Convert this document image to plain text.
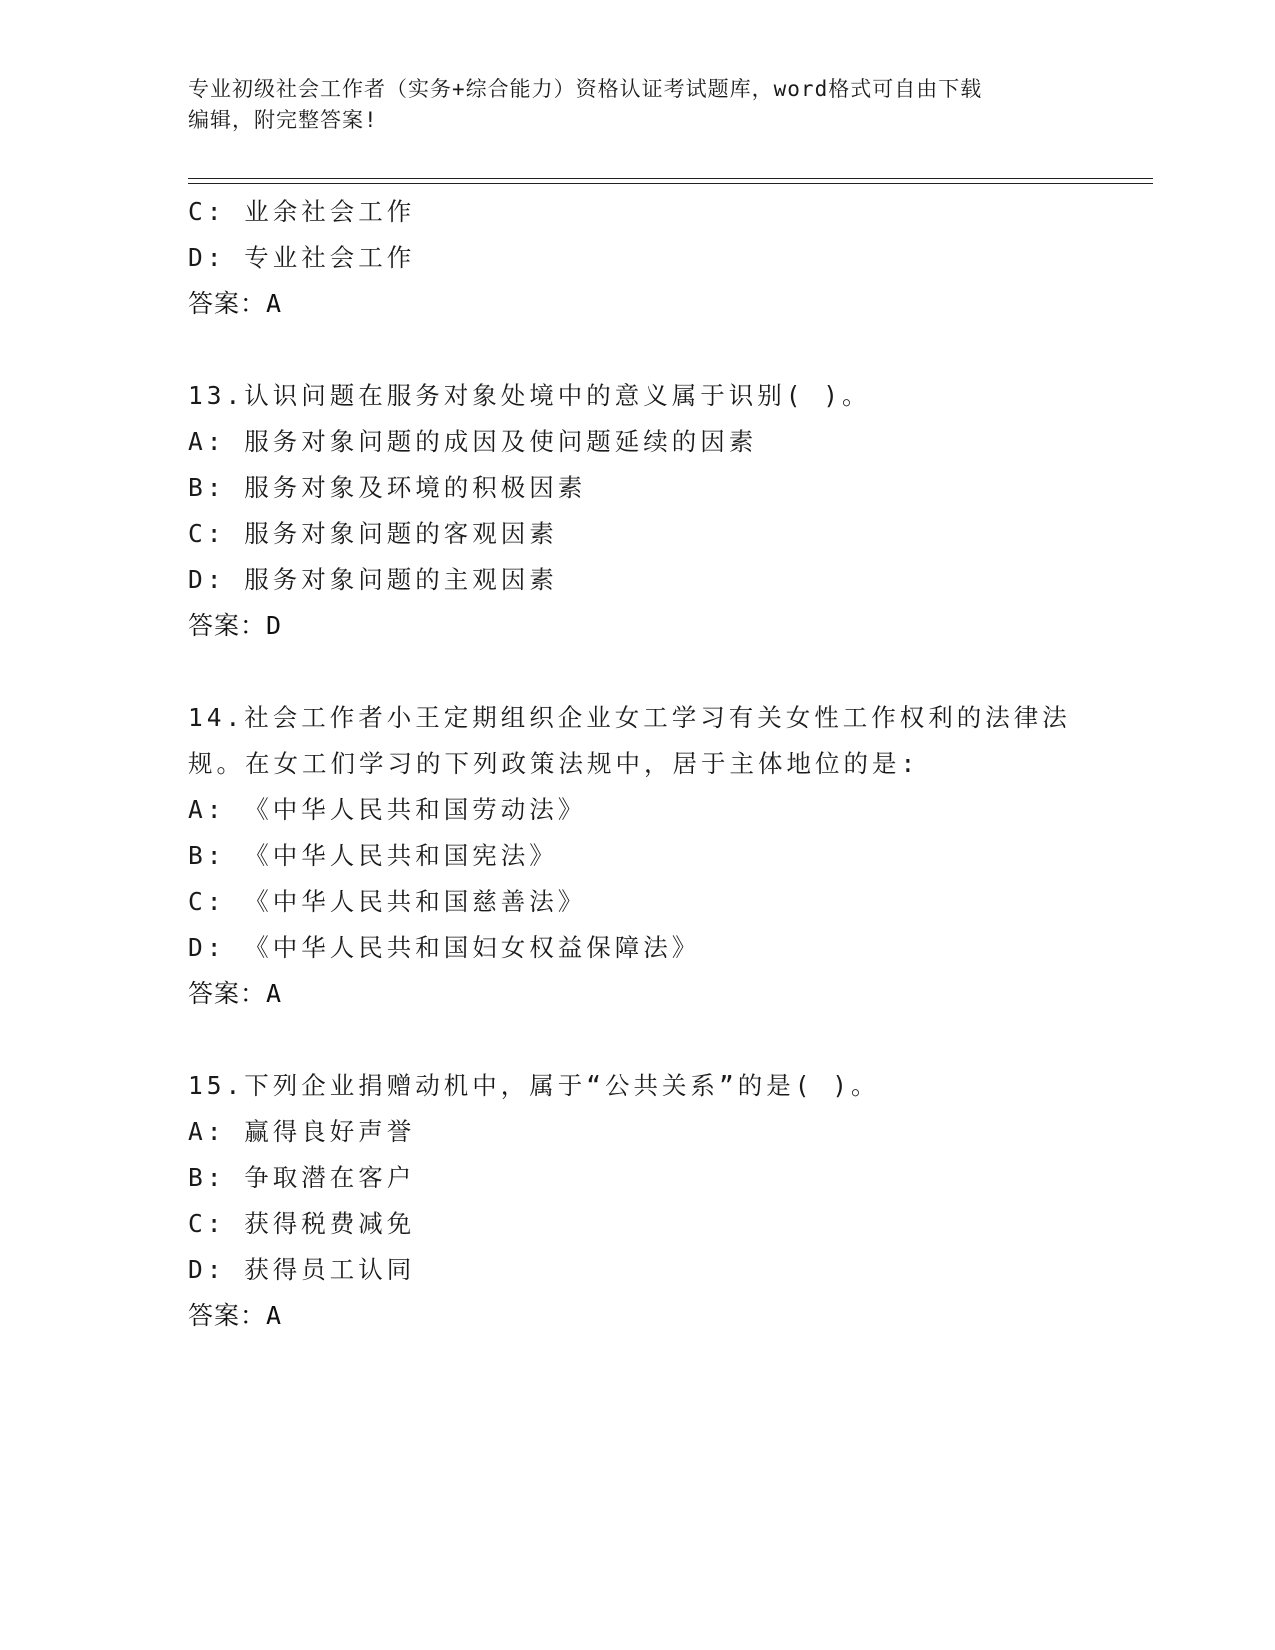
专业初级社会工作者（实务+综合能力）资格认证考试题库，word格式可自由下载
编辑，附完整答案!
C: 业余社会工作
D: 专业社会工作
答案：A
13.认识问题在服务对象处境中的意义属于识别( )。
A: 服务对象问题的成因及使问题延续的因素
B: 服务对象及环境的积极因素
C: 服务对象问题的客观因素
D: 服务对象问题的主观因素
答案：D
14.社会工作者小王定期组织企业女工学习有关女性工作权利的法律法
规。在女工们学习的下列政策法规中，居于主体地位的是:
A: 《中华人民共和国劳动法》
B: 《中华人民共和国宪法》
C: 《中华人民共和国慈善法》
D: 《中华人民共和国妇女权益保障法》
答案：A
15.下列企业捐赠动机中，属于“公共关系”的是( )。
A: 赢得良好声誉
B: 争取潜在客户
C: 获得税费减免
D: 获得员工认同
答案：A
